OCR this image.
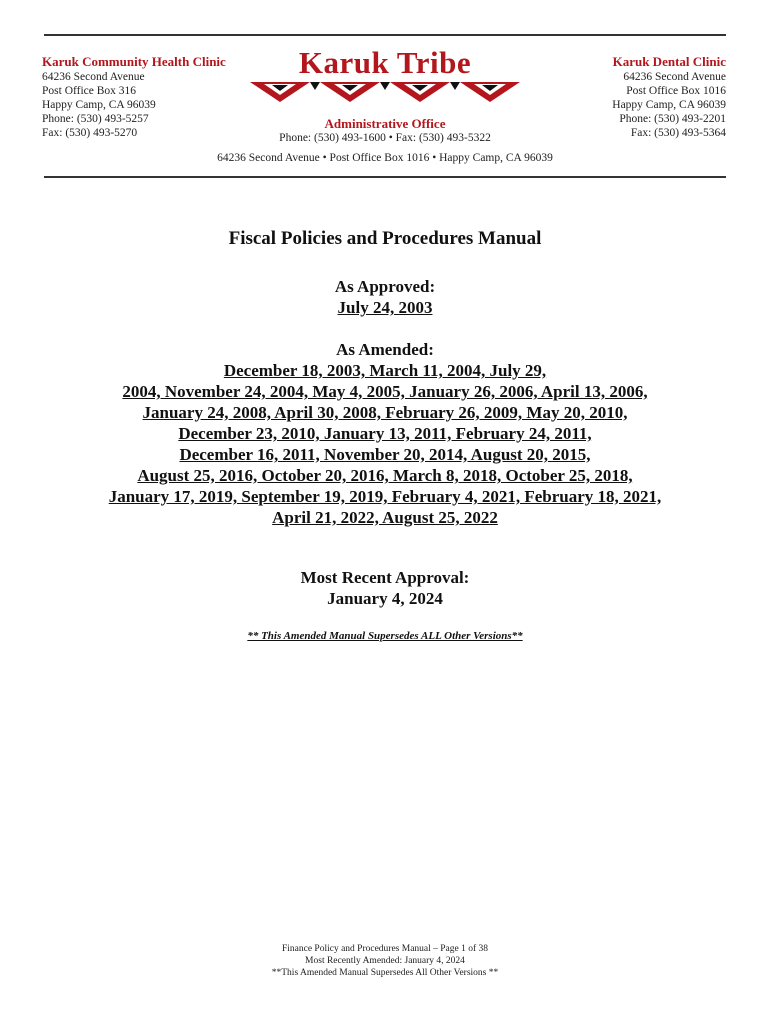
Karuk Community Health Clinic
64236 Second Avenue
Post Office Box 316
Happy Camp, CA 96039
Phone: (530) 493-5257
Fax: (530) 493-5270
Karuk Tribe
Administrative Office
Phone: (530) 493-1600 • Fax: (530) 493-5322
Karuk Dental Clinic
64236 Second Avenue
Post Office Box 1016
Happy Camp, CA 96039
Phone: (530) 493-2201
Fax: (530) 493-5364
64236 Second Avenue • Post Office Box 1016 • Happy Camp, CA 96039
Fiscal Policies and Procedures Manual
As Approved:
July 24, 2003
As Amended:
December 18, 2003, March 11, 2004, July 29,
2004, November 24, 2004, May 4, 2005, January 26, 2006, April 13, 2006,
January 24, 2008, April 30, 2008, February 26, 2009, May 20, 2010,
December 23, 2010, January 13, 2011, February 24, 2011,
December 16, 2011, November 20, 2014, August 20, 2015,
August 25, 2016, October 20, 2016, March 8, 2018, October 25, 2018,
January 17, 2019, September 19, 2019, February 4, 2021, February 18, 2021,
April 21, 2022, August 25, 2022
Most Recent Approval:
January 4, 2024
** This Amended Manual Supersedes ALL Other Versions**
Finance Policy and Procedures Manual – Page 1 of 38
Most Recently Amended: January 4, 2024
**This Amended Manual Supersedes All Other Versions **
